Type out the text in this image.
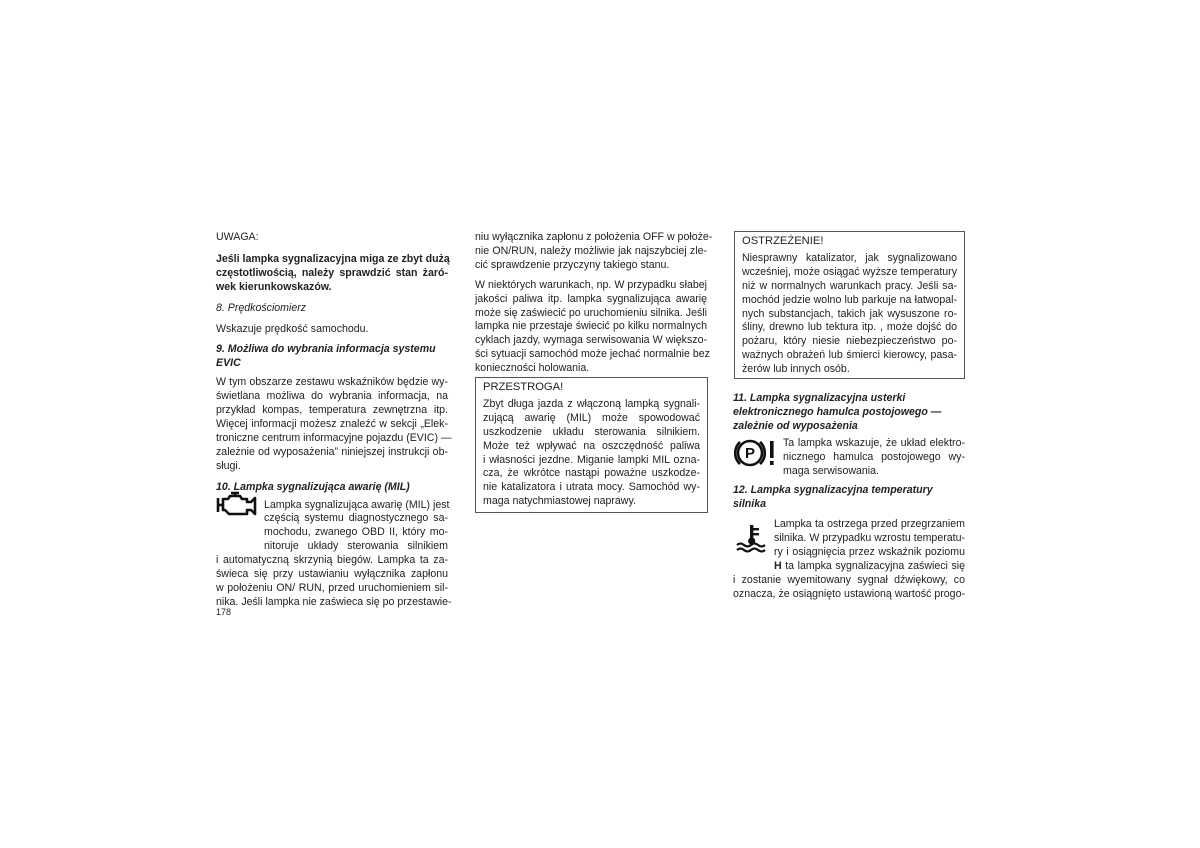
UWAGA:

Jeśli lampka sygnalizacyjna miga ze zbyt dużą
częstotliwością, należy sprawdzić stan żaró-
wek kierunkowskazów.

8. Prędkościomierz

Wskazuje prędkość samochodu.

9. Możliwa do wybrania informacja systemu
EVIC

W tym obszarze zestawu wskaźników będzie wy-
świetlana możliwa do wybrania informacja, na
przykład kompas, temperatura zewnętrzna itp.
Więcej informacji możesz znaleźć w sekcji „Elek-
troniczne centrum informacyjne pojazdu (EVIC) —
zależnie od wyposażenia” niniejszej instrukcji ob-
sługi.

10. Lampka sygnalizująca awarię (MIL)

Lampka sygnalizująca awarię (MIL) jest
częścią systemu diagnostycznego sa-
mochodu, zwanego OBD II, który mo-
nitoruje układy sterowania silnikiem

i automatyczną skrzynią biegów. Lampka ta za-
świeca się przy ustawianiu wyłącznika zapłonu
w położeniu ON/ RUN, przed uruchomieniem sil-
nika. Jeśli lampka nie zaświeca się po przestawie-

niu wyłącznika zapłonu z położenia OFF w położe-
nie ON/RUN, należy możliwie jak najszybciej zle-
cić sprawdzenie przyczyny takiego stanu.

W niektórych warunkach, np. W przypadku słabej
jakości paliwa itp. lampka sygnalizująca awarię
może się zaświecić po uruchomieniu silnika. Jeśli
lampka nie przestaje świecić po kilku normalnych
cyklach jazdy, wymaga serwisowania W większo-
ści sytuacji samochód może jechać normalnie bez
konieczności holowania.

PRZESTROGA!
Zbyt długa jazda z włączoną lampką sygnali-
zującą awarię (MIL) może spowodować
uszkodzenie układu sterowania silnikiem.
Może też wpływać na oszczędność paliwa
i własności jezdne. Miganie lampki MIL ozna-
cza, że wkrótce nastąpi poważne uszkodze-
nie katalizatora i utrata mocy. Samochód wy-
maga natychmiastowej naprawy.
OSTRZEŻENIE!
Niesprawny katalizator, jak sygnalizowano
wcześniej, może osiągać wyższe temperatury
niż w normalnych warunkach pracy. Jeśli sa-
mochód jedzie wolno lub parkuje na łatwopal-
nych substancjach, takich jak wysuszone ro-
śliny, drewno lub tektura itp. , może dojść do
pożaru, który niesie niebezpieczeństwo po-
ważnych obrażeń lub śmierci kierowcy, pasa-
żerów lub innych osób.

11. Lampka sygnalizacyjna usterki
elektronicznego hamulca postojowego —
zależnie od wyposażenia

Ta lampka wskazuje, że układ elektro-
nicznego hamulca postojowego wy-
maga serwisowania.

12. Lampka sygnalizacyjna temperatury
silnika

Lampka ta ostrzega przed przegrzaniem
silnika. W przypadku wzrostu temperatu-
ry i osiągnięcia przez wskaźnik poziomu
H ta lampka sygnalizacyjna zaświeci się

i zostanie wyemitowany sygnał dźwiękowy, co
oznacza, że osiągnięto ustawioną wartość progo-

P
178
